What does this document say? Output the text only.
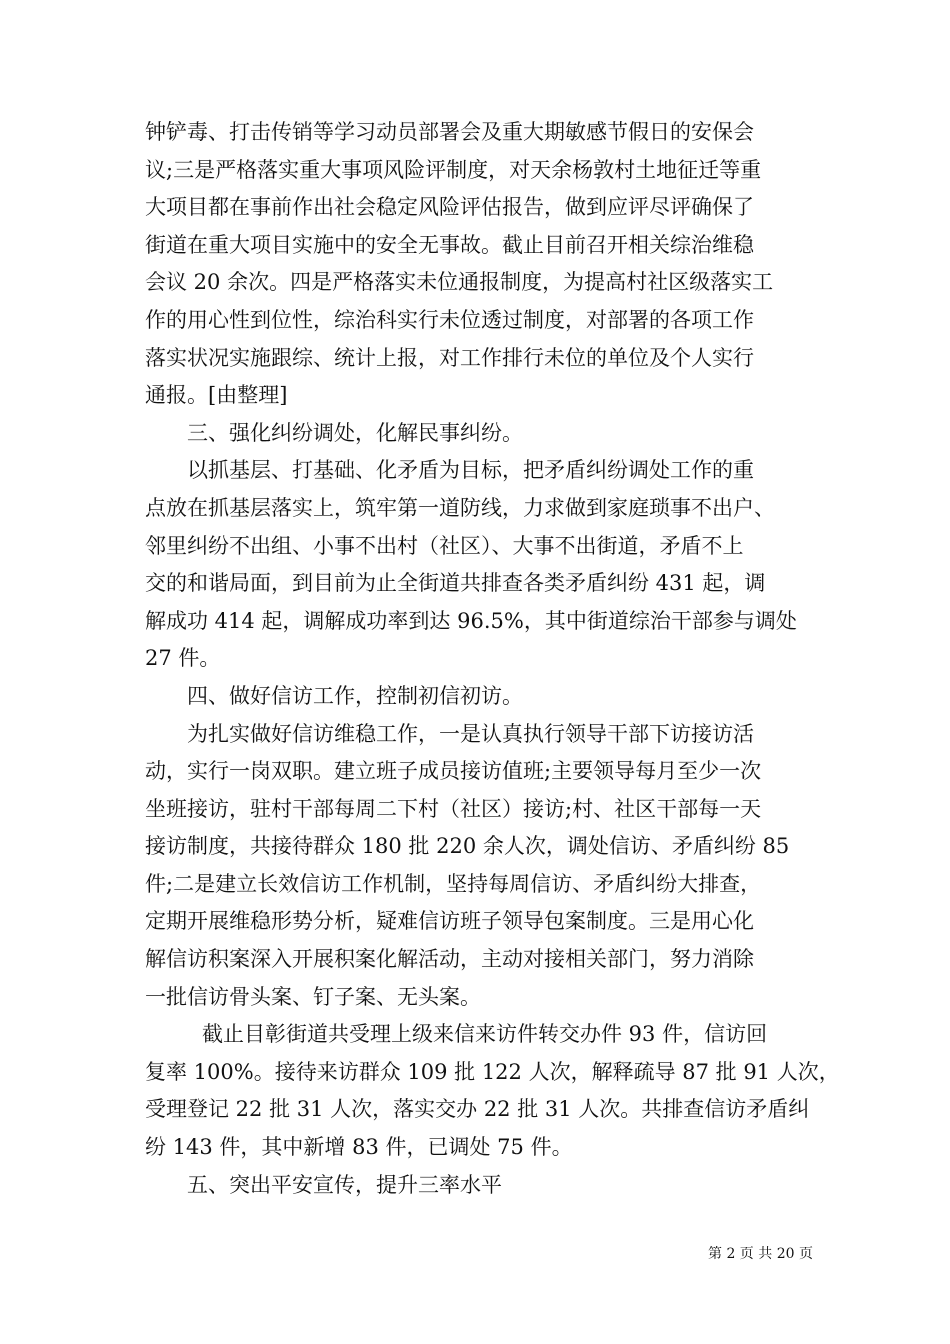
钟铲毒、打击传销等学习动员部署会及重大期敏感节假日的安保会
议;三是严格落实重大事项风险评制度，对天余杨敦村土地征迁等重
大项目都在事前作出社会稳定风险评估报告，做到应评尽评确保了
街道在重大项目实施中的安全无事故。截止目前召开相关综治维稳
会议 20 余次。四是严格落实未位通报制度，为提高村社区级落实工
作的用心性到位性，综治科实行未位透过制度，对部署的各项工作
落实状况实施跟综、统计上报，对工作排行未位的单位及个人实行
通报。[由整理]
三、强化纠纷调处，化解民事纠纷。
以抓基层、打基础、化矛盾为目标，把矛盾纠纷调处工作的重
点放在抓基层落实上，筑牢第一道防线，力求做到家庭琐事不出户、
邻里纠纷不出组、小事不出村（社区）、大事不出街道，矛盾不上
交的和谐局面，到目前为止全街道共排查各类矛盾纠纷 431 起，调
解成功 414 起，调解成功率到达 96.5%，其中街道综治干部参与调处
27 件。
四、做好信访工作，控制初信初访。
为扎实做好信访维稳工作，一是认真执行领导干部下访接访活
动，实行一岗双职。建立班子成员接访值班;主要领导每月至少一次
坐班接访，驻村干部每周二下村（社区）接访;村、社区干部每一天
接访制度，共接待群众 180 批 220 余人次，调处信访、矛盾纠纷 85
件;二是建立长效信访工作机制，坚持每周信访、矛盾纠纷大排查，
定期开展维稳形势分析，疑难信访班子领导包案制度。三是用心化
解信访积案深入开展积案化解活动，主动对接相关部门，努力消除
一批信访骨头案、钉子案、无头案。
截止目彰街道共受理上级来信来访件转交办件 93 件，信访回
复率 100%。接待来访群众 109 批 122 人次，解释疏导 87 批 91 人次，
受理登记 22 批 31 人次，落实交办 22 批 31 人次。共排查信访矛盾纠
纷 143 件，其中新增 83 件，已调处 75 件。
五、突出平安宣传，提升三率水平
第 2 页 共 20 页
